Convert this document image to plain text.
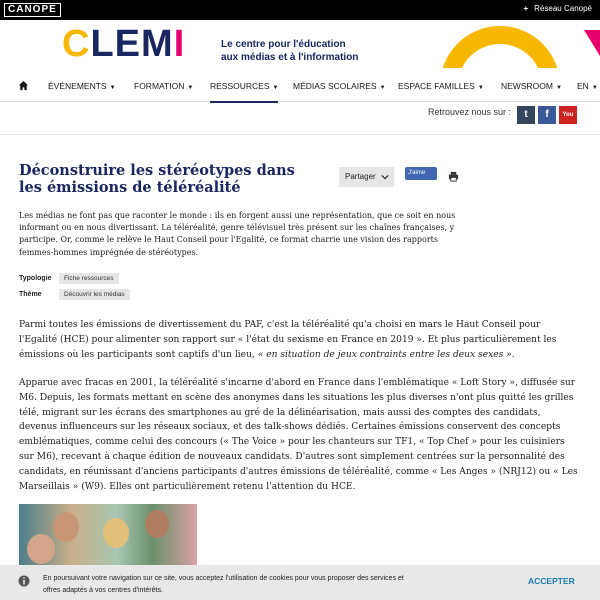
CANOPÉ	+ Réseau Canopé
CLEMI	Le centre pour l'éducation
aux médias et à l'information
ÉVÉNEMENTS ▼ FORMATION ▼ RESSOURCES ▼ MÉDIAS SCOLAIRES ▼ ESPACE FAMILLES ▼ NEWSROOM ▼ EN ▼
Retrouvez nous sur :	t	f	You
Déconstruire les stéréotypes dans les émissions de téléréalité
Partager	J'aime

Les médias ne font pas que raconter le monde : ils en forgent aussi une représentation, que ce soit en nous informant ou en nous divertissant. La téléréalité, genre télévisuel très présent sur les chaînes françaises, y participe. Or, comme le relève le Haut Conseil pour l'Egalité, ce format charrie une vision des rapports femmes-hommes imprégnée de stéréotypes.

Typologie Fiche ressources
Thème	Découvrir les médias

Parmi toutes les émissions de divertissement du PAF, c'est la téléréalité qu'a choisi en mars le Haut Conseil pour l'Egalité (HCE) pour alimenter son rapport sur « l'état du sexisme en France en 2019 ». Et plus particulièrement les émissions où les participants sont captifs d'un lieu, « en situation de jeux contraints entre les deux sexes ».

Apparue avec fracas en 2001, la téléréalité s'incarne d'abord en France dans l'emblématique « Loft Story », diffusée sur M6. Depuis, les formats mettant en scène des anonymes dans les situations les plus diverses n'ont plus quitté les grilles télé, migrant sur les écrans des smartphones au gré de la délinéarisation, mais aussi des comptes des candidats, devenus influenceurs sur les réseaux sociaux, et des talk-shows dédiés. Certaines émissions conservent des concepts emblématiques, comme celui des concours (« The Voice » pour les chanteurs sur TF1, « Top Chef » pour les cuisiniers sur M6), recevant à chaque édition de nouveaux candidats. D'autres sont simplement centrées sur la personnalité des candidats, en réunissant d'anciens participants d'autres émissions de téléréalité, comme « Les Anges » (NRJ12) ou « Les Marseillais » (W9). Elles ont particulièrement retenu l'attention du HCE.

En poursuivant votre navigation sur ce site, vous acceptez l'utilisation de cookies pour vous proposer des services et
offres adaptés à vos centres d'intérêts.
ACCEPTER
